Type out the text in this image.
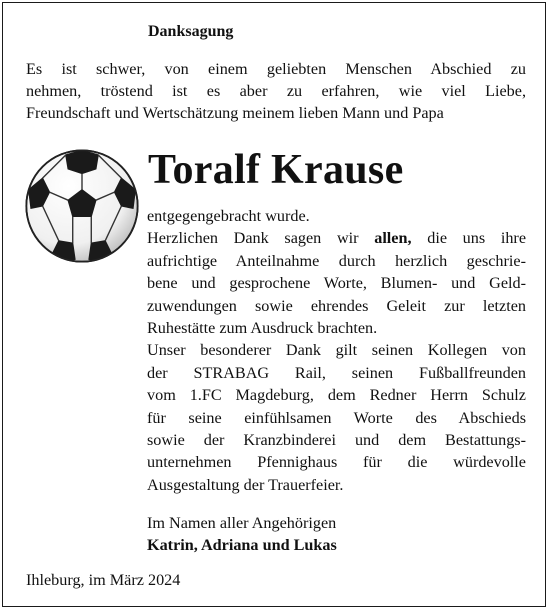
Danksagung
Es ist schwer, von einem geliebten Menschen Abschied zu
nehmen, tröstend ist es aber zu erfahren, wie viel Liebe,
Freundschaft und Wertschätzung meinem lieben Mann und Papa
Toralf Krause
entgegengebracht wurde.
Herzlichen Dank sagen wir allen, die uns ihre
aufrichtige Anteilnahme durch herzlich geschrie-
bene und gesprochene Worte, Blumen- und Geld-
zuwendungen sowie ehrendes Geleit zur letzten
Ruhestätte zum Ausdruck brachten.
Unser besonderer Dank gilt seinen Kollegen von
der STRABAG Rail, seinen Fußballfreunden
vom 1.FC Magdeburg, dem Redner Herrn Schulz
für seine einfühlsamen Worte des Abschieds
sowie der Kranzbinderei und dem Bestattungs-
unternehmen Pfennighaus für die würdevolle
Ausgestaltung der Trauerfeier.
Im Namen aller Angehörigen
Katrin, Adriana und Lukas
Ihleburg, im März 2024
